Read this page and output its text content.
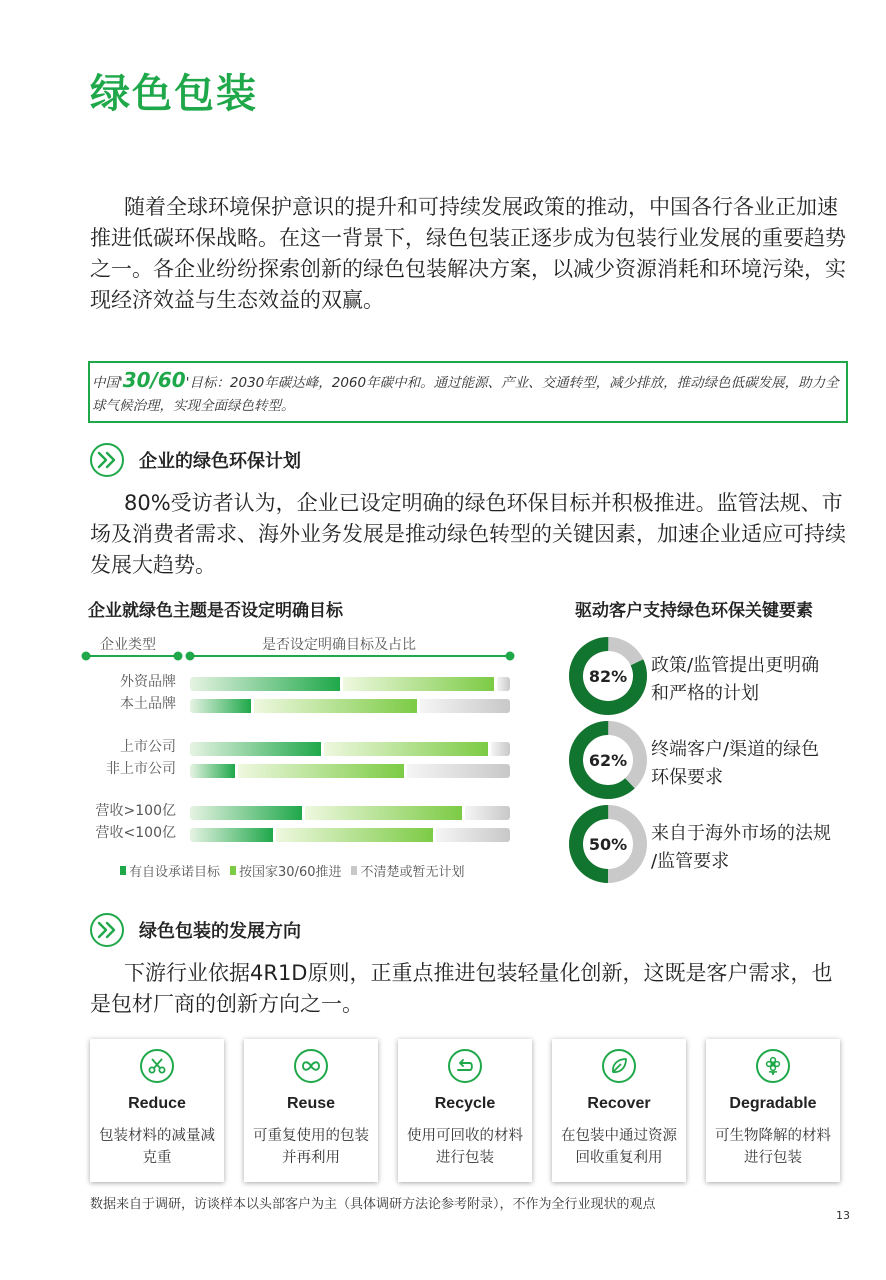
绿色包装
随着全球环境保护意识的提升和可持续发展政策的推动，中国各行各业正加速推进低碳环保战略。在这一背景下，绿色包装正逐步成为包装行业发展的重要趋势之一。各企业纷纷探索创新的绿色包装解决方案，以减少资源消耗和环境污染，实现经济效益与生态效益的双赢。
中国'30/60'目标：2030年碳达峰，2060年碳中和。通过能源、产业、交通转型，减少排放，推动绿色低碳发展，助力全球气候治理，实现全面绿色转型。
企业的绿色环保计划
80%受访者认为，企业已设定明确的绿色环保目标并积极推进。监管法规、市场及消费者需求、海外业务发展是推动绿色转型的关键因素，加速企业适应可持续发展大趋势。
企业就绿色主题是否设定明确目标
企业类型	是否设定明确目标及占比
外资品牌
本土品牌
上市公司
非上市公司
营收>100亿
营收<100亿
有自设承诺目标 按国家30/60推进 不清楚或暂无计划
驱动客户支持绿色环保关键要素
82%
政策/监管提出更明确
和严格的计划
62%
终端客户/渠道的绿色
环保要求
50%
来自于海外市场的法规
/监管要求
绿色包装的发展方向
下游行业依据4R1D原则，正重点推进包装轻量化创新，这既是客户需求，也是包材厂商的创新方向之一。
Reduce
包装材料的减量减
克重
Reuse
可重复使用的包装
并再利用
Recycle
使用可回收的材料
进行包装
Recover
在包装中通过资源
回收重复利用
Degradable
可生物降解的材料
进行包装
数据来自于调研，访谈样本以头部客户为主（具体调研方法论参考附录），不作为全行业现状的观点
13
